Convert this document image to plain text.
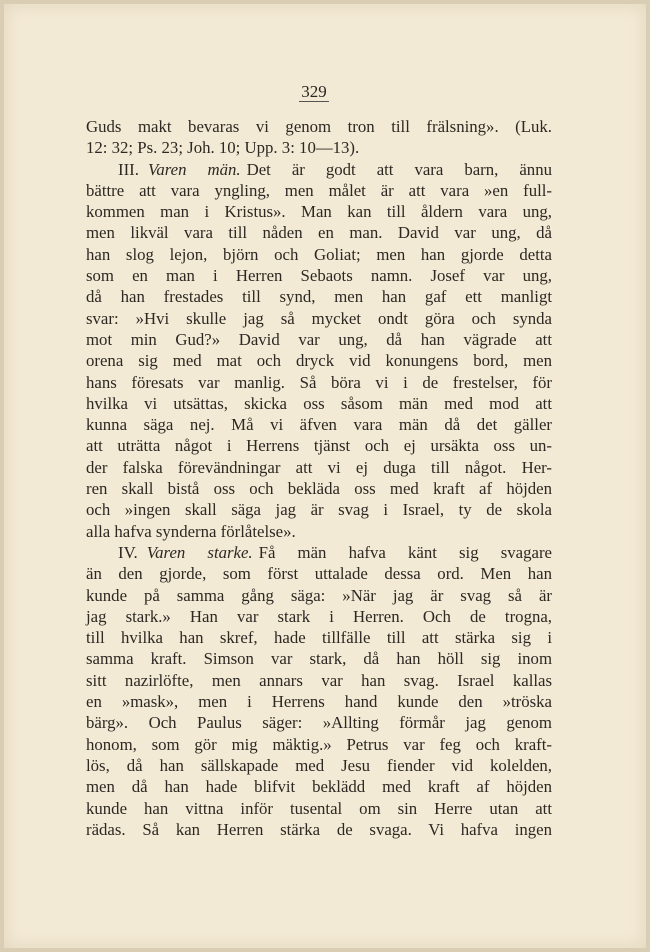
329
Guds makt bevaras vi genom tron till frälsning». (Luk.
12: 32; Ps. 23; Joh. 10; Upp. 3: 10—13).
III. Varen män. Det är godt att vara barn, ännu
bättre att vara yngling, men målet är att vara »en full-
kommen man i Kristus». Man kan till åldern vara ung,
men likväl vara till nåden en man. David var ung, då
han slog lejon, björn och Goliat; men han gjorde detta
som en man i Herren Sebaots namn. Josef var ung,
då han frestades till synd, men han gaf ett manligt
svar: »Hvi skulle jag så mycket ondt göra och synda
mot min Gud?» David var ung, då han vägrade att
orena sig med mat och dryck vid konungens bord, men
hans föresats var manlig. Så böra vi i de frestelser, för
hvilka vi utsättas, skicka oss såsom män med mod att
kunna säga nej. Må vi äfven vara män då det gäller
att uträtta något i Herrens tjänst och ej ursäkta oss un-
der falska förevändningar att vi ej duga till något. Her-
ren skall bistå oss och bekläda oss med kraft af höjden
och »ingen skall säga jag är svag i Israel, ty de skola
alla hafva synderna förlåtelse».
IV. Varen starke. Få män hafva känt sig svagare
än den gjorde, som först uttalade dessa ord. Men han
kunde på samma gång säga: »När jag är svag så är
jag stark.» Han var stark i Herren. Och de trogna,
till hvilka han skref, hade tillfälle till att stärka sig i
samma kraft. Simson var stark, då han höll sig inom
sitt nazirlöfte, men annars var han svag. Israel kallas
en »mask», men i Herrens hand kunde den »tröska
bärg». Och Paulus säger: »Allting förmår jag genom
honom, som gör mig mäktig.» Petrus var feg och kraft-
lös, då han sällskapade med Jesu fiender vid kolelden,
men då han hade blifvit beklädd med kraft af höjden
kunde han vittna inför tusental om sin Herre utan att
rädas. Så kan Herren stärka de svaga. Vi hafva ingen
